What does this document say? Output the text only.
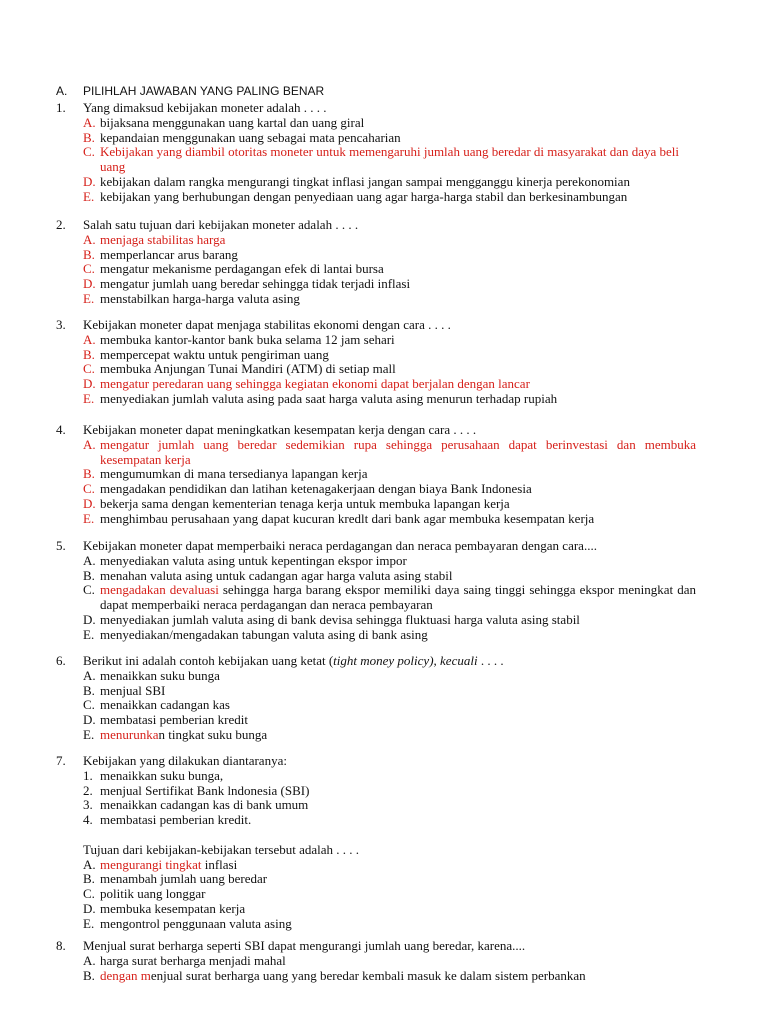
A. PILIHLAH JAWABAN YANG PALING BENAR
1. Yang dimaksud kebijakan moneter adalah . . . .
A. bijaksana menggunakan uang kartal dan uang giral
B. kepandaian menggunakan uang sebagai mata pencaharian
C. Kebijakan yang diambil otoritas moneter untuk memengaruhi jumlah uang beredar di masyarakat dan daya beli uang
D. kebijakan dalam rangka mengurangi tingkat inflasi jangan sampai mengganggu kinerja perekonomian
E. kebijakan yang berhubungan dengan penyediaan uang agar harga-harga stabil dan berkesinambungan
2. Salah satu tujuan dari kebijakan moneter adalah . . . .
A. menjaga stabilitas harga
B. memperlancar arus barang
C. mengatur mekanisme perdagangan efek di lantai bursa
D. mengatur jumlah uang beredar sehingga tidak terjadi inflasi
E. menstabilkan harga-harga valuta asing
3. Kebijakan moneter dapat menjaga stabilitas ekonomi dengan cara . . . .
A. membuka kantor-kantor bank buka selama 12 jam sehari
B. mempercepat waktu untuk pengiriman uang
C. membuka Anjungan Tunai Mandiri (ATM) di setiap mall
D. mengatur peredaran uang sehingga kegiatan ekonomi dapat berjalan dengan lancar
E. menyediakan jumlah valuta asing pada saat harga valuta asing menurun terhadap rupiah
4. Kebijakan moneter dapat meningkatkan kesempatan kerja dengan cara . . . .
A. mengatur jumlah uang beredar sedemikian rupa sehingga perusahaan dapat berinvestasi dan membuka kesempatan kerja
B. mengumumkan di mana tersedianya lapangan kerja
C. mengadakan pendidikan dan latihan ketenagakerjaan dengan biaya Bank Indonesia
D. bekerja sama dengan kementerian tenaga kerja untuk membuka lapangan kerja
E. menghimbau perusahaan yang dapat kucuran kredlt dari bank agar membuka kesempatan kerja
5. Kebijakan moneter dapat memperbaiki neraca perdagangan dan neraca pembayaran dengan cara....
A. menyediakan valuta asing untuk kepentingan ekspor impor
B. menahan valuta asing untuk cadangan agar harga valuta asing stabil
C. mengadakan devaluasi sehingga harga barang ekspor memiliki daya saing tinggi sehingga ekspor meningkat dan dapat memperbaiki neraca perdagangan dan neraca pembayaran
D. menyediakan jumlah valuta asing di bank devisa sehingga fluktuasi harga valuta asing stabil
E. menyediakan/mengadakan tabungan valuta asing di bank asing
6. Berikut ini adalah contoh kebijakan uang ketat (tight money policy), kecuali . . . .
A. menaikkan suku bunga
B. menjual SBI
C. menaikkan cadangan kas
D. membatasi pemberian kredit
E. menurunkan tingkat suku bunga
7. Kebijakan yang dilakukan diantaranya:
1. menaikkan suku bunga,
2. menjual Sertifikat Bank lndonesia (SBI)
3. menaikkan cadangan kas di bank umum
4. membatasi pemberian kredit.
Tujuan dari kebijakan-kebijakan tersebut adalah . . . .
A. mengurangi tingkat inflasi
B. menambah jumlah uang beredar
C. politik uang longgar
D. membuka kesempatan kerja
E. mengontrol penggunaan valuta asing
8. Menjual surat berharga seperti SBI dapat mengurangi jumlah uang beredar, karena....
A. harga surat berharga menjadi mahal
B. dengan menjual surat berharga uang yang beredar kembali masuk ke dalam sistem perbankan
